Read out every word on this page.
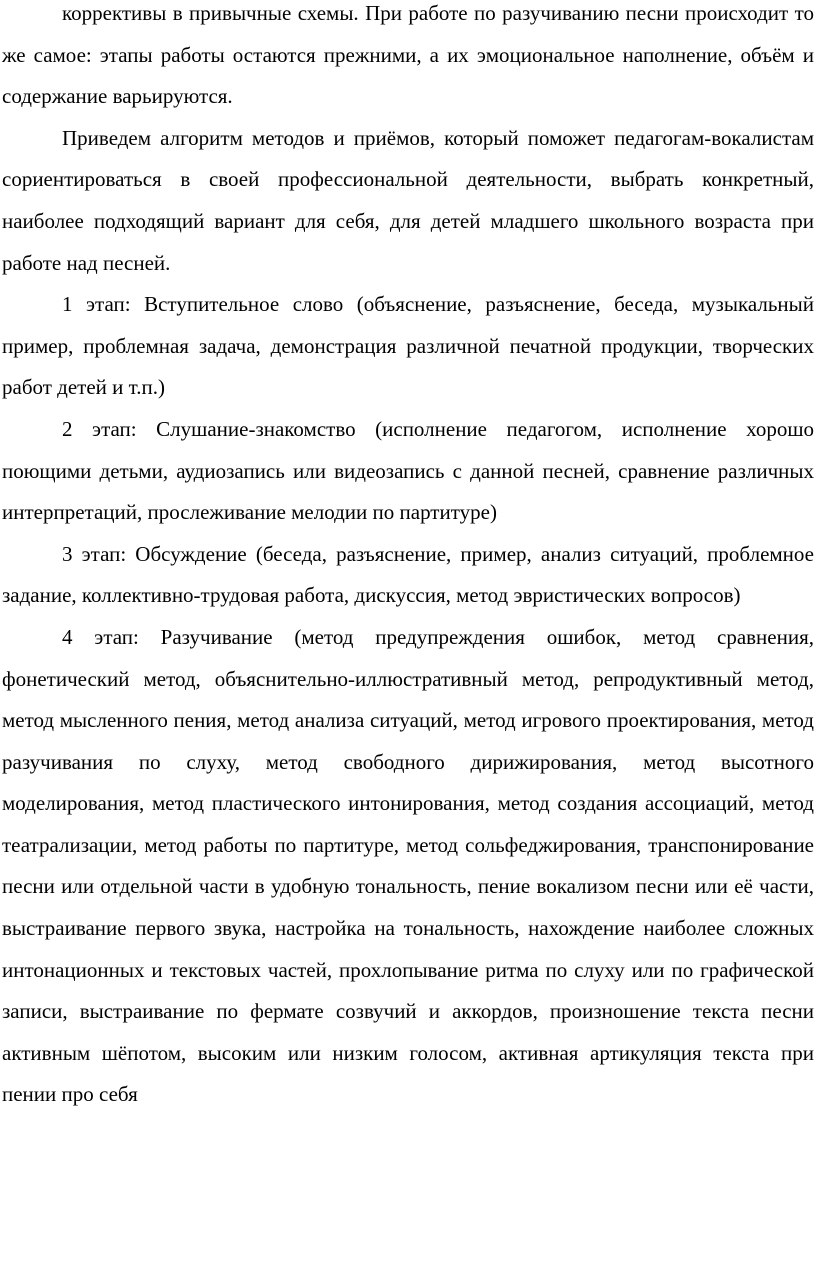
коррективы в привычные схемы. При работе по разучиванию песни происходит то же самое: этапы работы остаются прежними, а их эмоциональное наполнение, объём и содержание варьируются.

Приведем алгоритм методов и приёмов, который поможет педагогам-вокалистам сориентироваться в своей профессиональной деятельности, выбрать конкретный, наиболее подходящий вариант для себя, для детей младшего школьного возраста при работе над песней.

1 этап: Вступительное слово (объяснение, разъяснение, беседа, музыкальный пример, проблемная задача, демонстрация различной печатной продукции, творческих работ детей и т.п.)

2 этап: Слушание-знакомство (исполнение педагогом, исполнение хорошо поющими детьми, аудиозапись или видеозапись с данной песней, сравнение различных интерпретаций, прослеживание мелодии по партитуре)

3 этап: Обсуждение (беседа, разъяснение, пример, анализ ситуаций, проблемное задание, коллективно-трудовая работа, дискуссия, метод эвристических вопросов)

4 этап: Разучивание (метод предупреждения ошибок, метод сравнения, фонетический метод, объяснительно-иллюстративный метод, репродуктивный метод, метод мысленного пения, метод анализа ситуаций, метод игрового проектирования, метод разучивания по слуху, метод свободного дирижирования, метод высотного моделирования, метод пластического интонирования, метод создания ассоциаций, метод театрализации, метод работы по партитуре, метод сольфеджирования, транспонирование песни или отдельной части в удобную тональность, пение вокализом песни или её части, выстраивание первого звука, настройка на тональность, нахождение наиболее сложных интонационных и текстовых частей, прохлопывание ритма по слуху или по графической записи, выстраивание по фермате созвучий и аккордов, произношение текста песни активным шёпотом, высоким или низким голосом, активная артикуляция текста при пении про себя
